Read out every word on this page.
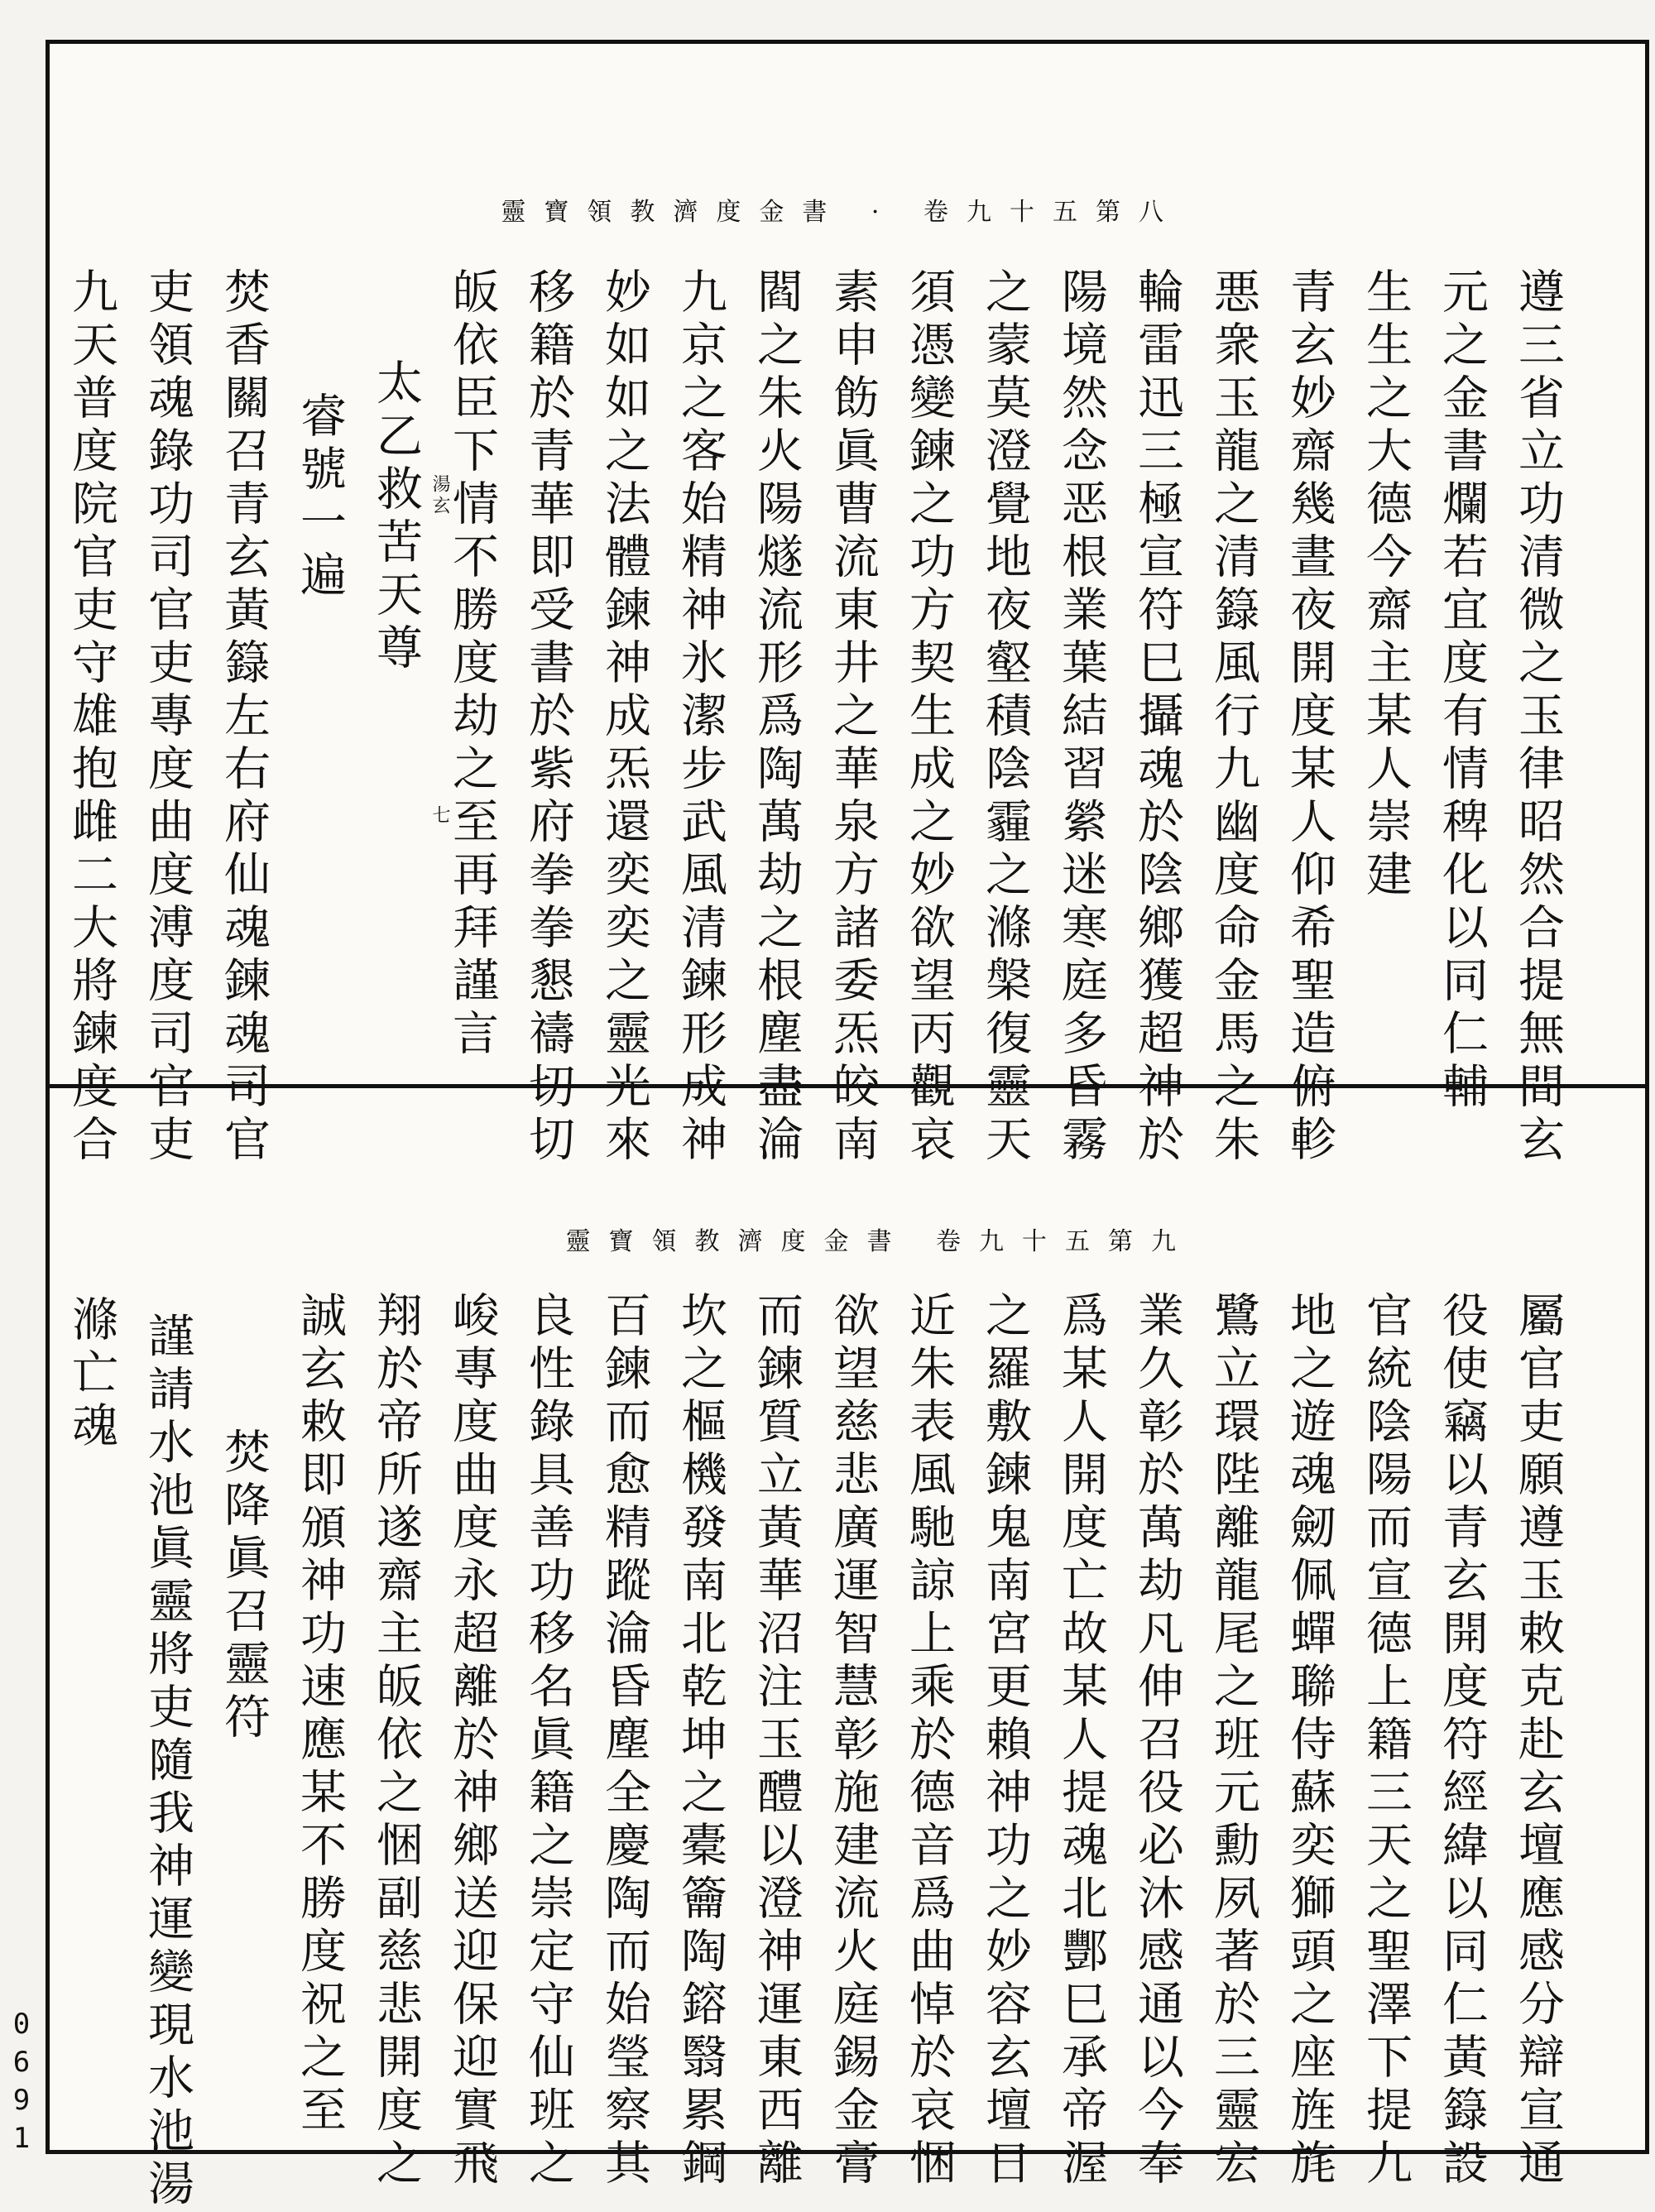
靈寶領教濟度金書 · 卷九十五第八
遵三省立功清微之玉律昭然合提無間玄
元之金書爛若宜度有情稗化以同仁輔
生生之大德今齋主某人崇建
青玄妙齋幾晝夜開度某人仰希聖造俯軫
悪衆玉龍之清籙風行九幽度命金馬之朱
輪雷迅三極宣符巳攝魂於陰鄉獲超神於
陽境然念恶根業葉結習縈迷寒庭多昏霧
之蒙莫澄覺地夜壑積陰霾之滌槃復靈天
須憑變鍊之功方契生成之妙欲望丙觀哀
素申飭眞曹流東井之華泉方諸委炁皎南
閻之朱火陽燧流形爲陶萬劫之根塵盡淪
九京之客始精神氷潔步武風清鍊形成神
妙如如之法體鍊神成炁還奕奕之靈光來
移籍於青華即受書於紫府拳拳懇禱切切
皈依臣下情不勝度劫之至再拜謹言
湯玄
太乙救苦天尊
七
睿號一遍
焚香關召青玄黃籙左右府仙魂鍊魂司官
吏領魂錄功司官吏專度曲度溥度司官吏
九天普度院官吏守雄抱雌二大將鍊度合
靈寶領教濟度金書 卷九十五第九
屬官吏願遵玉敕克赴玄壇應感分辯宣通
役使竊以青玄開度符經緯以同仁黃籙設
官統陰陽而宣德上籍三天之聖澤下提九
地之遊魂劒佩蟬聯侍蘇奕獅頭之座旌旄
鷺立環陛離龍尾之班元勳夙著於三靈宏
業久彰於萬劫凡伸召役必沐感通以今奉
爲某人開度亡故某人提魂北酆巳承帝渥
之羅敷鍊鬼南宮更賴神功之妙容玄壇日
近朱表風馳諒上乘於德音爲曲悼於哀悃
欲望慈悲廣運智慧彰施建流火庭錫金膏
而鍊質立黃華沼注玉醴以澄神運東西離
坎之樞機發南北乾坤之橐籥陶鎔翳累鋼
百鍊而愈精蹤淪昏塵全慶陶而始瑩察其
良性錄具善功移名眞籍之崇定守仙班之
峻專度曲度永超離於神鄉送迎保迎實飛
翔於帝所遂齋主皈依之悃副慈悲開度之
誠玄敕即頒神功速應某不勝度祝之至
焚降眞召靈符
謹請水池眞靈將吏隨我神運變現水池湯
滌亡魂
0691
